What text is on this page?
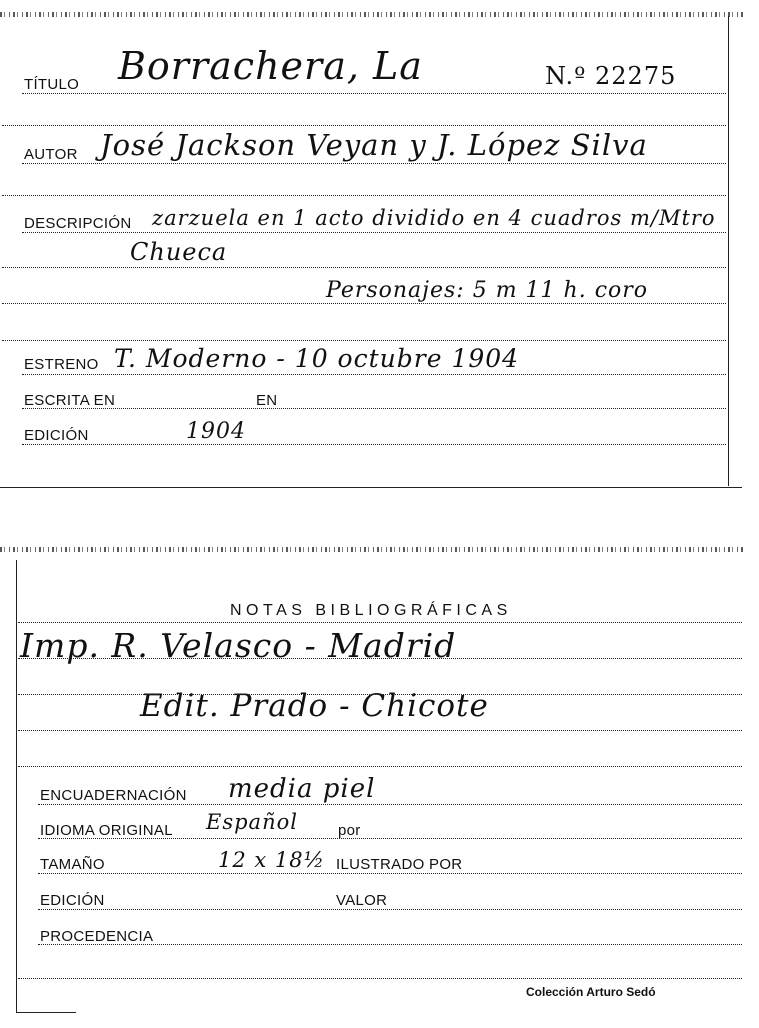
TÍTULO Borrachera, La	N.º 22275
AUTOR José Jackson Veyan y J. López Silva
DESCRIPCIÓN zarzuela en 1 acto dividido en 4 cuadros m/Mtro
Chueca
Personajes: 5 m 11 h. coro
ESTRENO T. Moderno - 10 octubre 1904
ESCRITA EN	EN
EDICIÓN	1904
NOTAS BIBLIOGRÁFICAS
Imp. R. Velasco - Madrid
Edit. Prado - Chicote
ENCUADERNACIÓN media piel
IDIOMA ORIGINAL Español	por
TAMAÑO	12 x 18½ ILUSTRADO POR
EDICIÓN	VALOR
PROCEDENCIA
Colección Arturo Sedó
